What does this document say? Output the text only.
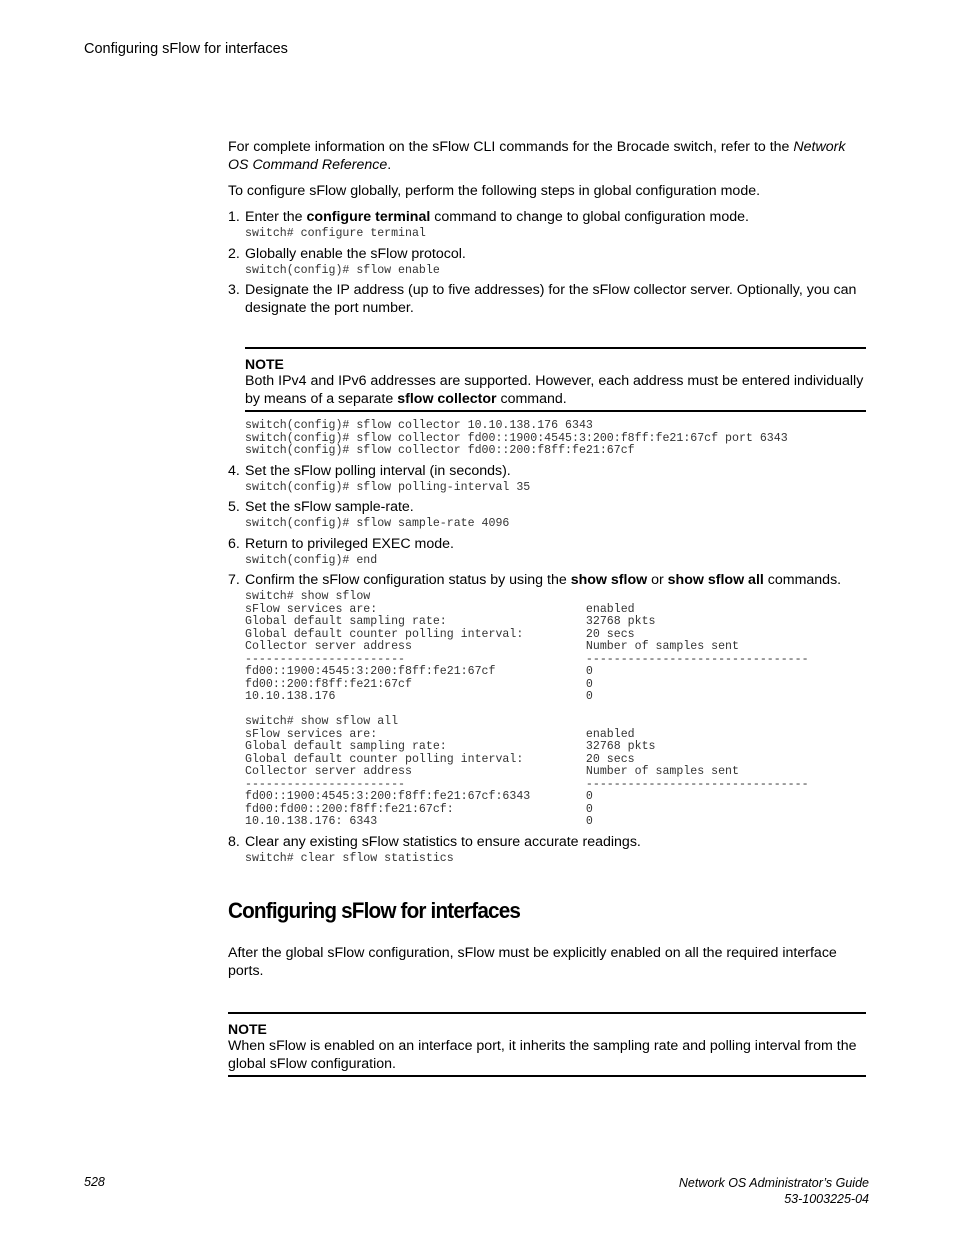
Configuring sFlow for interfaces

For complete information on the sFlow CLI commands for the Brocade switch, refer to the Network OS Command Reference.

To configure sFlow globally, perform the following steps in global configuration mode.

1. Enter the configure terminal command to change to global configuration mode.
switch# configure terminal
2. Globally enable the sFlow protocol.
switch(config)# sflow enable
3. Designate the IP address (up to five addresses) for the sFlow collector server. Optionally, you can designate the port number.
NOTE
Both IPv4 and IPv6 addresses are supported. However, each address must be entered individually by means of a separate sflow collector command.
switch(config)# sflow collector 10.10.138.176 6343
switch(config)# sflow collector fd00::1900:4545:3:200:f8ff:fe21:67cf port 6343
switch(config)# sflow collector fd00::200:f8ff:fe21:67cf
4. Set the sFlow polling interval (in seconds).
switch(config)# sflow polling-interval 35
5. Set the sFlow sample-rate.
switch(config)# sflow sample-rate 4096
6. Return to privileged EXEC mode.
switch(config)# end
7. Confirm the sFlow configuration status by using the show sflow or show sflow all commands.
switch# show sflow
sFlow services are:                              enabled
Global default sampling rate:                    32768 pkts
Global default counter polling interval:         20 secs
Collector server address                         Number of samples sent
-----------------------                          --------------------------------
fd00::1900:4545:3:200:f8ff:fe21:67cf             0
fd00::200:f8ff:fe21:67cf                         0
10.10.138.176                                    0

switch# show sflow all
sFlow services are:                              enabled
Global default sampling rate:                    32768 pkts
Global default counter polling interval:         20 secs
Collector server address                         Number of samples sent
-----------------------                          --------------------------------
fd00::1900:4545:3:200:f8ff:fe21:67cf:6343        0
fd00:fd00::200:f8ff:fe21:67cf:                   0
10.10.138.176: 6343                              0
8. Clear any existing sFlow statistics to ensure accurate readings.
switch# clear sflow statistics
Configuring sFlow for interfaces

After the global sFlow configuration, sFlow must be explicitly enabled on all the required interface ports.

NOTE
When sFlow is enabled on an interface port, it inherits the sampling rate and polling interval from the global sFlow configuration.
528	Network OS Administrator’s Guide
53-1003225-04
